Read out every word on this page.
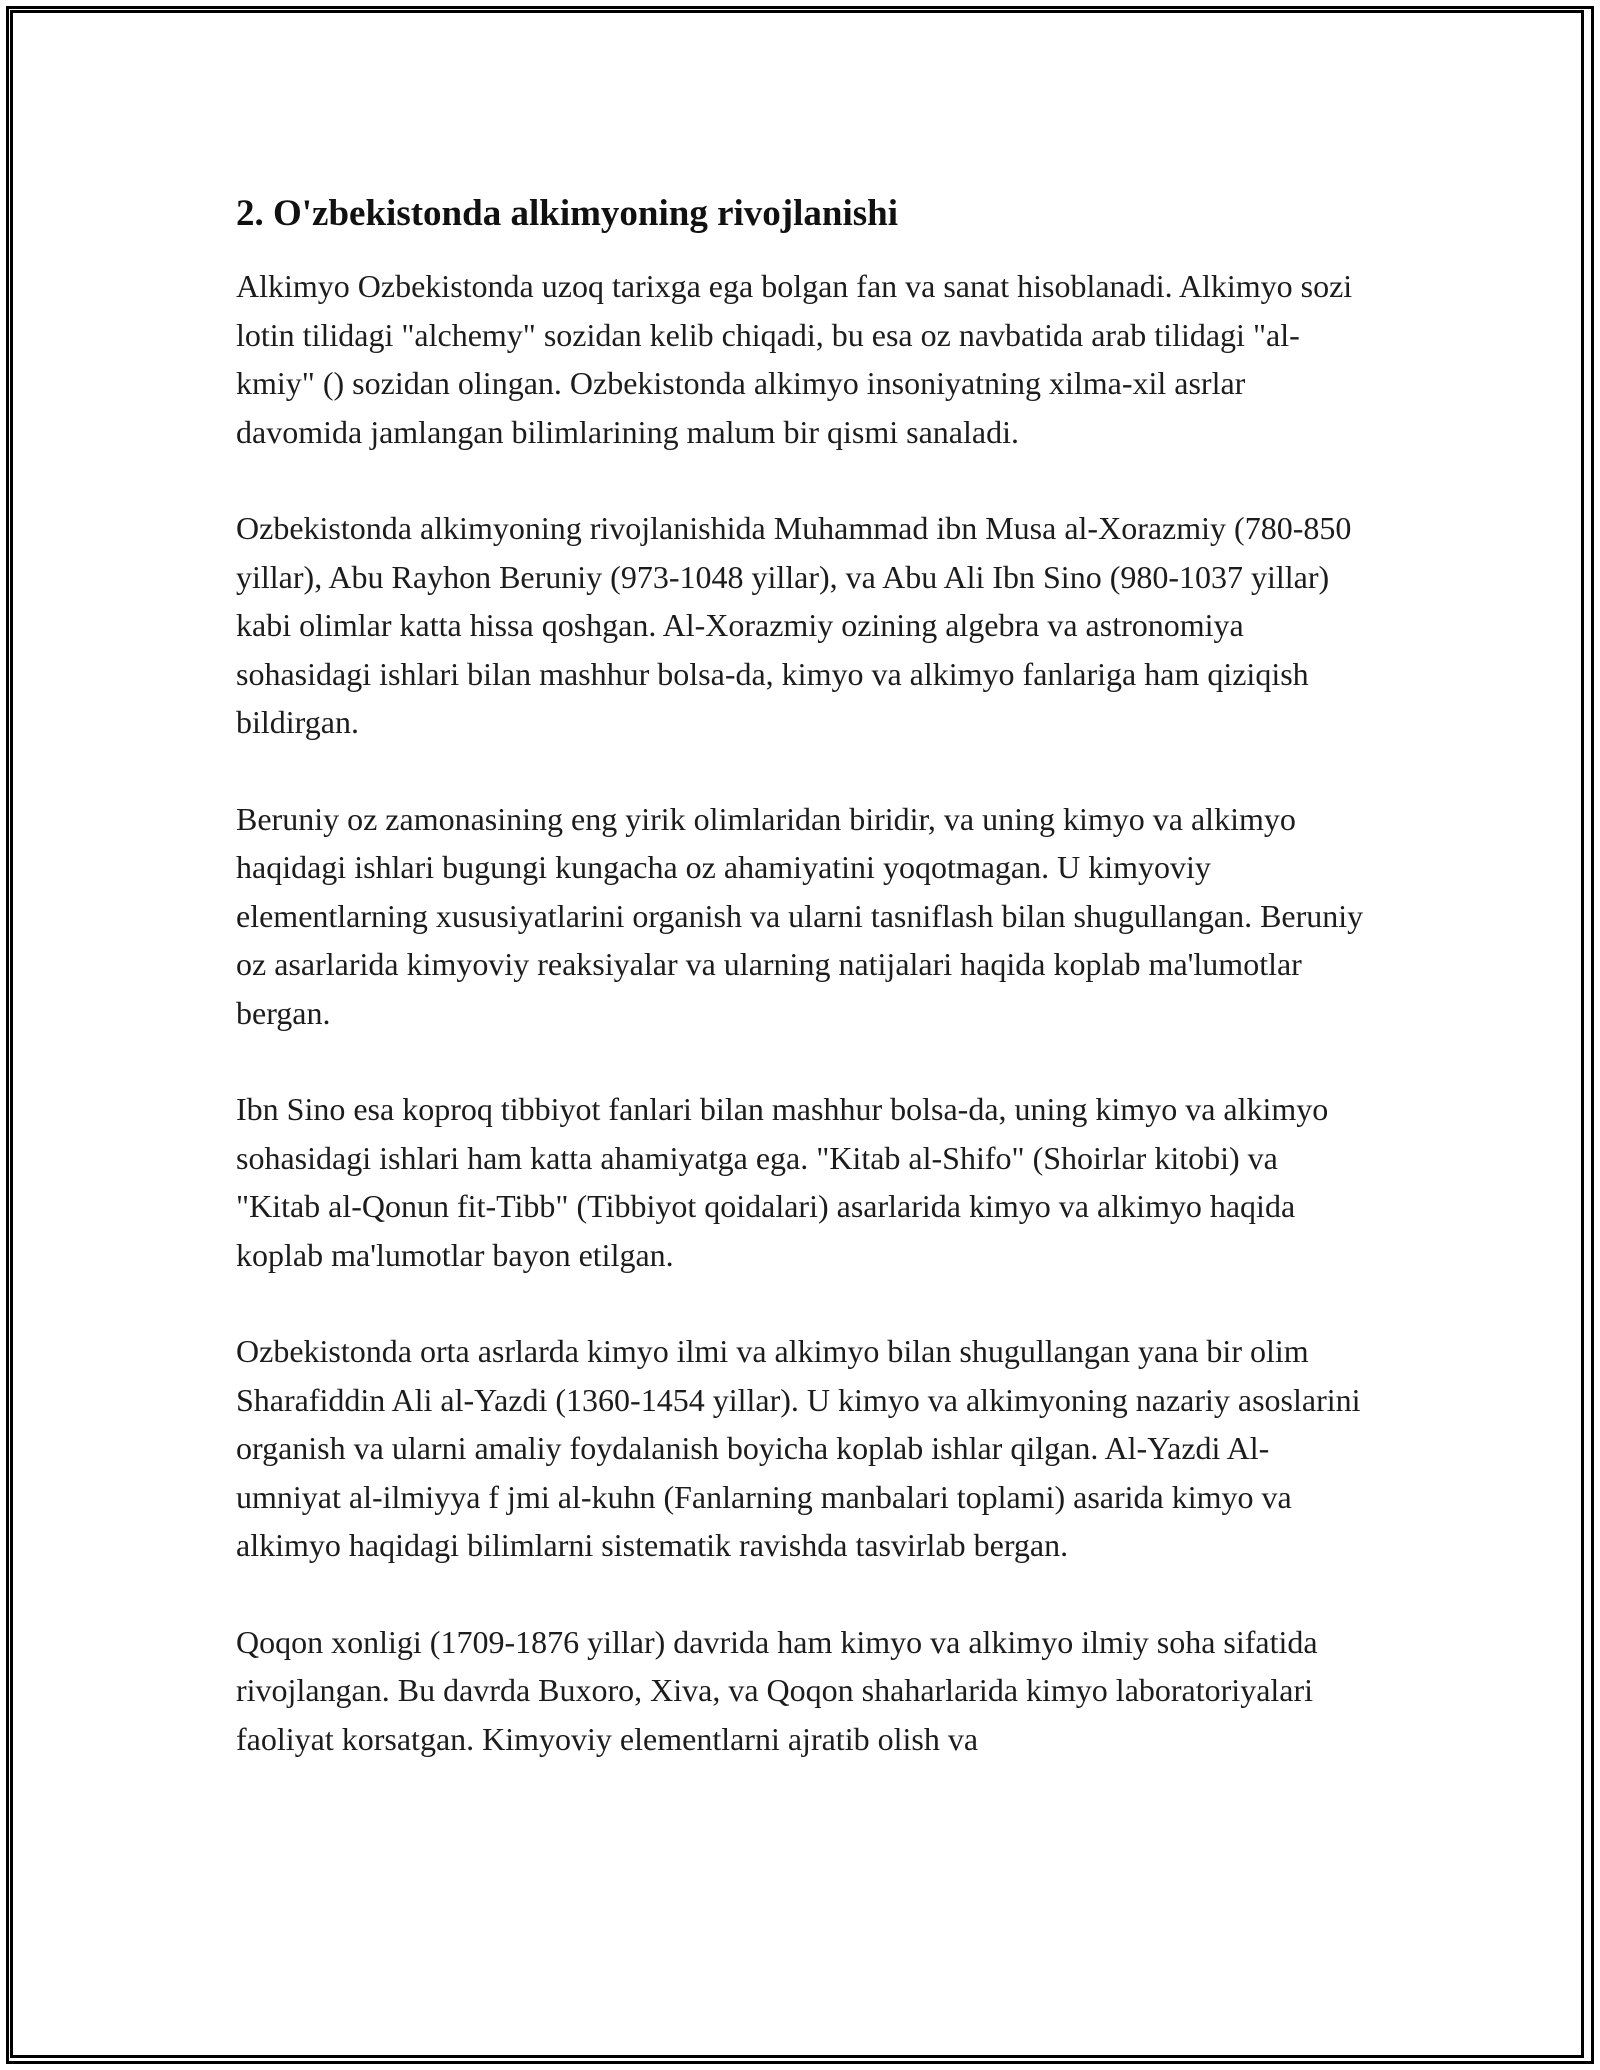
2. O'zbekistonda alkimyoning rivojlanishi

Alkimyo Ozbekistonda uzoq tarixga ega bolgan fan va sanat hisoblanadi. Alkimyo sozi lotin tilidagi "alchemy" sozidan kelib chiqadi, bu esa oz navbatida arab tilidagi "al-kmiy" () sozidan olingan. Ozbekistonda alkimyo insoniyatning xilma-xil asrlar davomida jamlangan bilimlarining malum bir qismi sanaladi.

Ozbekistonda alkimyoning rivojlanishida Muhammad ibn Musa al-Xorazmiy (780-850 yillar), Abu Rayhon Beruniy (973-1048 yillar), va Abu Ali Ibn Sino (980-1037 yillar) kabi olimlar katta hissa qoshgan. Al-Xorazmiy ozining algebra va astronomiya sohasidagi ishlari bilan mashhur bolsa-da, kimyo va alkimyo fanlariga ham qiziqish bildirgan.

Beruniy oz zamonasining eng yirik olimlaridan biridir, va uning kimyo va alkimyo haqidagi ishlari bugungi kungacha oz ahamiyatini yoqotmagan. U kimyoviy elementlarning xususiyatlarini organish va ularni tasniflash bilan shugullangan. Beruniy oz asarlarida kimyoviy reaksiyalar va ularning natijalari haqida koplab ma'lumotlar bergan.

Ibn Sino esa koproq tibbiyot fanlari bilan mashhur bolsa-da, uning kimyo va alkimyo sohasidagi ishlari ham katta ahamiyatga ega. "Kitab al-Shifo" (Shoirlar kitobi) va "Kitab al-Qonun fit-Tibb" (Tibbiyot qoidalari) asarlarida kimyo va alkimyo haqida koplab ma'lumotlar bayon etilgan.

Ozbekistonda orta asrlarda kimyo ilmi va alkimyo bilan shugullangan yana bir olim Sharafiddin Ali al-Yazdi (1360-1454 yillar). U kimyo va alkimyoning nazariy asoslarini organish va ularni amaliy foydalanish boyicha koplab ishlar qilgan. Al-Yazdi Al-umniyat al-ilmiyya f jmi al-kuhn (Fanlarning manbalari toplami) asarida kimyo va alkimyo haqidagi bilimlarni sistematik ravishda tasvirlab bergan.

Qoqon xonligi (1709-1876 yillar) davrida ham kimyo va alkimyo ilmiy soha sifatida rivojlangan. Bu davrda Buxoro, Xiva, va Qoqon shaharlarida kimyo laboratoriyalari faoliyat korsatgan. Kimyoviy elementlarni ajratib olish va
